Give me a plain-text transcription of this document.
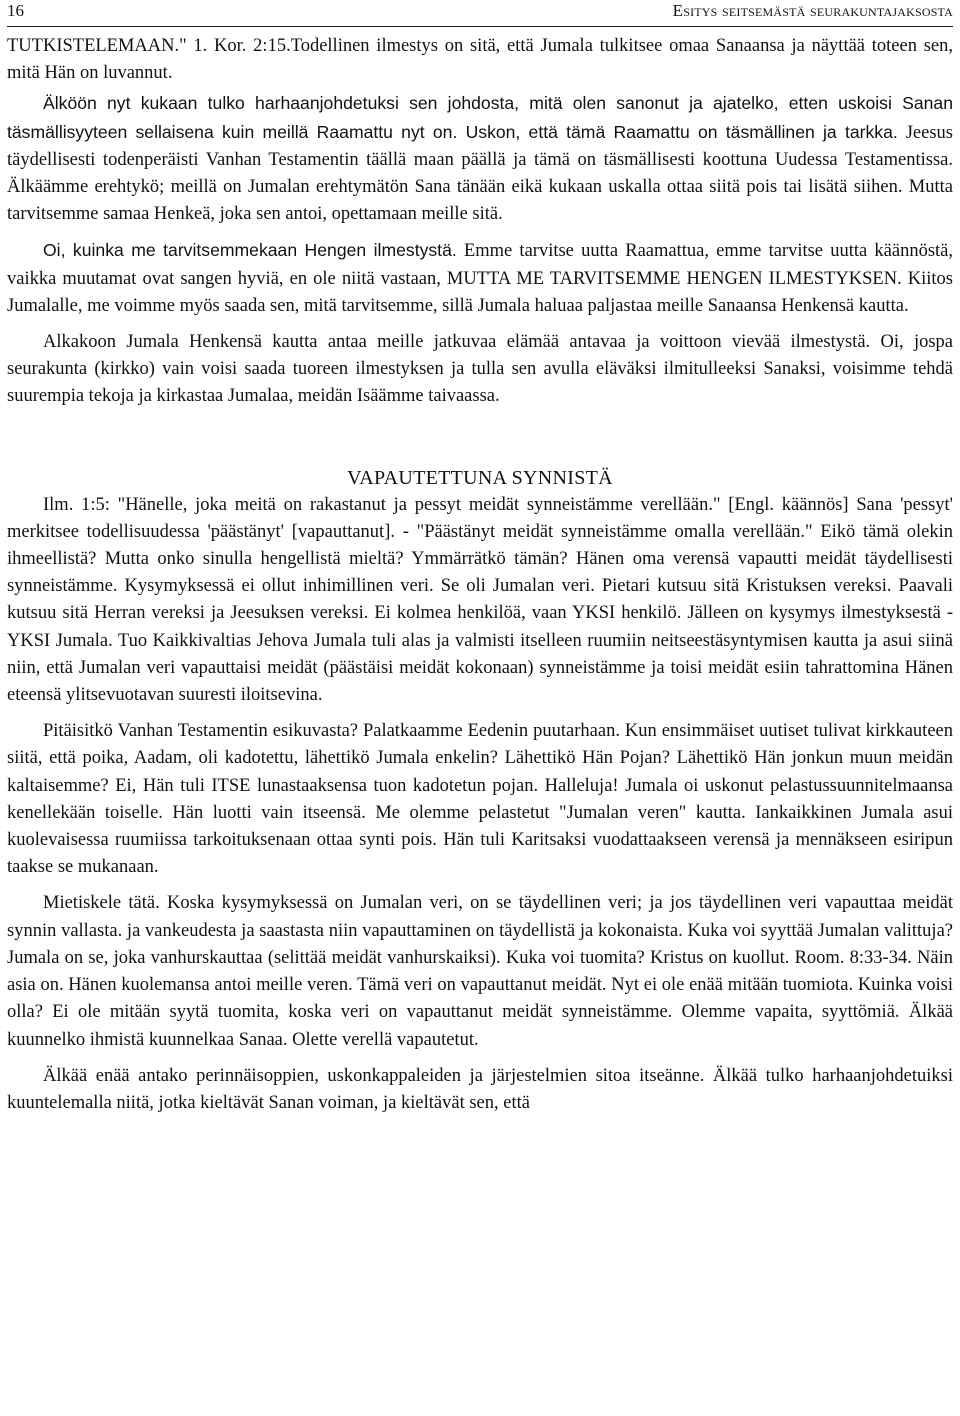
16	Esitys seitsemästä seurakuntajaksosta

TUTKISTELEMAAN." 1. Kor. 2:15.Todellinen ilmestys on sitä, että Jumala tulkitsee omaa Sanaansa ja näyttää toteen sen, mitä Hän on luvannut.

Älköön nyt kukaan tulko harhaanjohdetuksi sen johdosta, mitä olen sanonut ja ajatelko, etten uskoisi Sanan täsmällisyyteen sellaisena kuin meillä Raamattu nyt on. Uskon, että tämä Raamattu on täsmällinen ja tarkka. Jeesus täydellisesti todenperäisti Vanhan Testamentin täällä maan päällä ja tämä on täsmällisesti koottuna Uudessa Testamentissa. Älkäämme erehtykö; meillä on Jumalan erehtymätön Sana tänään eikä kukaan uskalla ottaa siitä pois tai lisätä siihen. Mutta tarvitsemme samaa Henkeä, joka sen antoi, opettamaan meille sitä.

Oi, kuinka me tarvitsemmekaan Hengen ilmestystä. Emme tarvitse uutta Raamattua, emme tarvitse uutta käännöstä, vaikka muutamat ovat sangen hyviä, en ole niitä vastaan, MUTTA ME TARVITSEMME HENGEN ILMESTYKSEN. Kiitos Jumalalle, me voimme myös saada sen, mitä tarvitsemme, sillä Jumala haluaa paljastaa meille Sanaansa Henkensä kautta.

Alkakoon Jumala Henkensä kautta antaa meille jatkuvaa elämää antavaa ja voittoon vievää ilmestystä. Oi, jospa seurakunta (kirkko) vain voisi saada tuoreen ilmestyksen ja tulla sen avulla eläväksi ilmitulleeksi Sanaksi, voisimme tehdä suurempia tekoja ja kirkastaa Jumalaa, meidän Isäämme taivaassa.

VAPAUTETTUNA SYNNISTÄ

Ilm. 1:5: "Hänelle, joka meitä on rakastanut ja pessyt meidät synneistämme verellään." [Engl. käännös] Sana 'pessyt' merkitsee todellisuudessa 'päästänyt' [vapauttanut]. - "Päästänyt meidät synneistämme omalla verellään." Eikö tämä olekin ihmeellistä? Mutta onko sinulla hengellistä mieltä? Ymmärrätkö tämän? Hänen oma verensä vapautti meidät täydellisesti synneistämme. Kysymyksessä ei ollut inhimillinen veri. Se oli Jumalan veri. Pietari kutsuu sitä Kristuksen vereksi. Paavali kutsuu sitä Herran vereksi ja Jeesuksen vereksi. Ei kolmea henkilöä, vaan YKSI henkilö. Jälleen on kysymys ilmestyksestä - YKSI Jumala. Tuo Kaikkivaltias Jehova Jumala tuli alas ja valmisti itselleen ruumiin neitseestäsyntymisen kautta ja asui siinä niin, että Jumalan veri vapauttaisi meidät (päästäisi meidät kokonaan) synneistämme ja toisi meidät esiin tahrattomina Hänen eteensä ylitsevuotavan suuresti iloitsevina.

Pitäisitkö Vanhan Testamentin esikuvasta? Palatkaamme Eedenin puutarhaan. Kun ensimmäiset uutiset tulivat kirkkauteen siitä, että poika, Aadam, oli kadotettu, lähettikö Jumala enkelin? Lähettikö Hän Pojan? Lähettikö Hän jonkun muun meidän kaltaisemme? Ei, Hän tuli ITSE lunastaaksensa tuon kadotetun pojan. Halleluja! Jumala oi uskonut pelastussuunnitelmaansa kenellekään toiselle. Hän luotti vain itseensä. Me olemme pelastetut "Jumalan veren" kautta. Iankaikkinen Jumala asui kuolevaisessa ruumiissa tarkoituksenaan ottaa synti pois. Hän tuli Karitsaksi vuodattaakseen verensä ja mennäkseen esiripun taakse se mukanaan.

Mietiskele tätä. Koska kysymyksessä on Jumalan veri, on se täydellinen veri; ja jos täydellinen veri vapauttaa meidät synnin vallasta. ja vankeudesta ja saastasta niin vapauttaminen on täydellistä ja kokonaista. Kuka voi syyttää Jumalan valittuja? Jumala on se, joka vanhurskauttaa (selittää meidät vanhurskaiksi). Kuka voi tuomita? Kristus on kuollut. Room. 8:33-34. Näin asia on. Hänen kuolemansa antoi meille veren. Tämä veri on vapauttanut meidät. Nyt ei ole enää mitään tuomiota. Kuinka voisi olla? Ei ole mitään syytä tuomita, koska veri on vapauttanut meidät synneistämme. Olemme vapaita, syyttömiä. Älkää kuunnelko ihmistä kuunnelkaa Sanaa. Olette verellä vapautetut.

Älkää enää antako perinnäisoppien, uskonkappaleiden ja järjestelmien sitoa itseänne. Älkää tulko harhaanjohdetuiksi kuuntelemalla niitä, jotka kieltävät Sanan voiman, ja kieltävät sen, että
